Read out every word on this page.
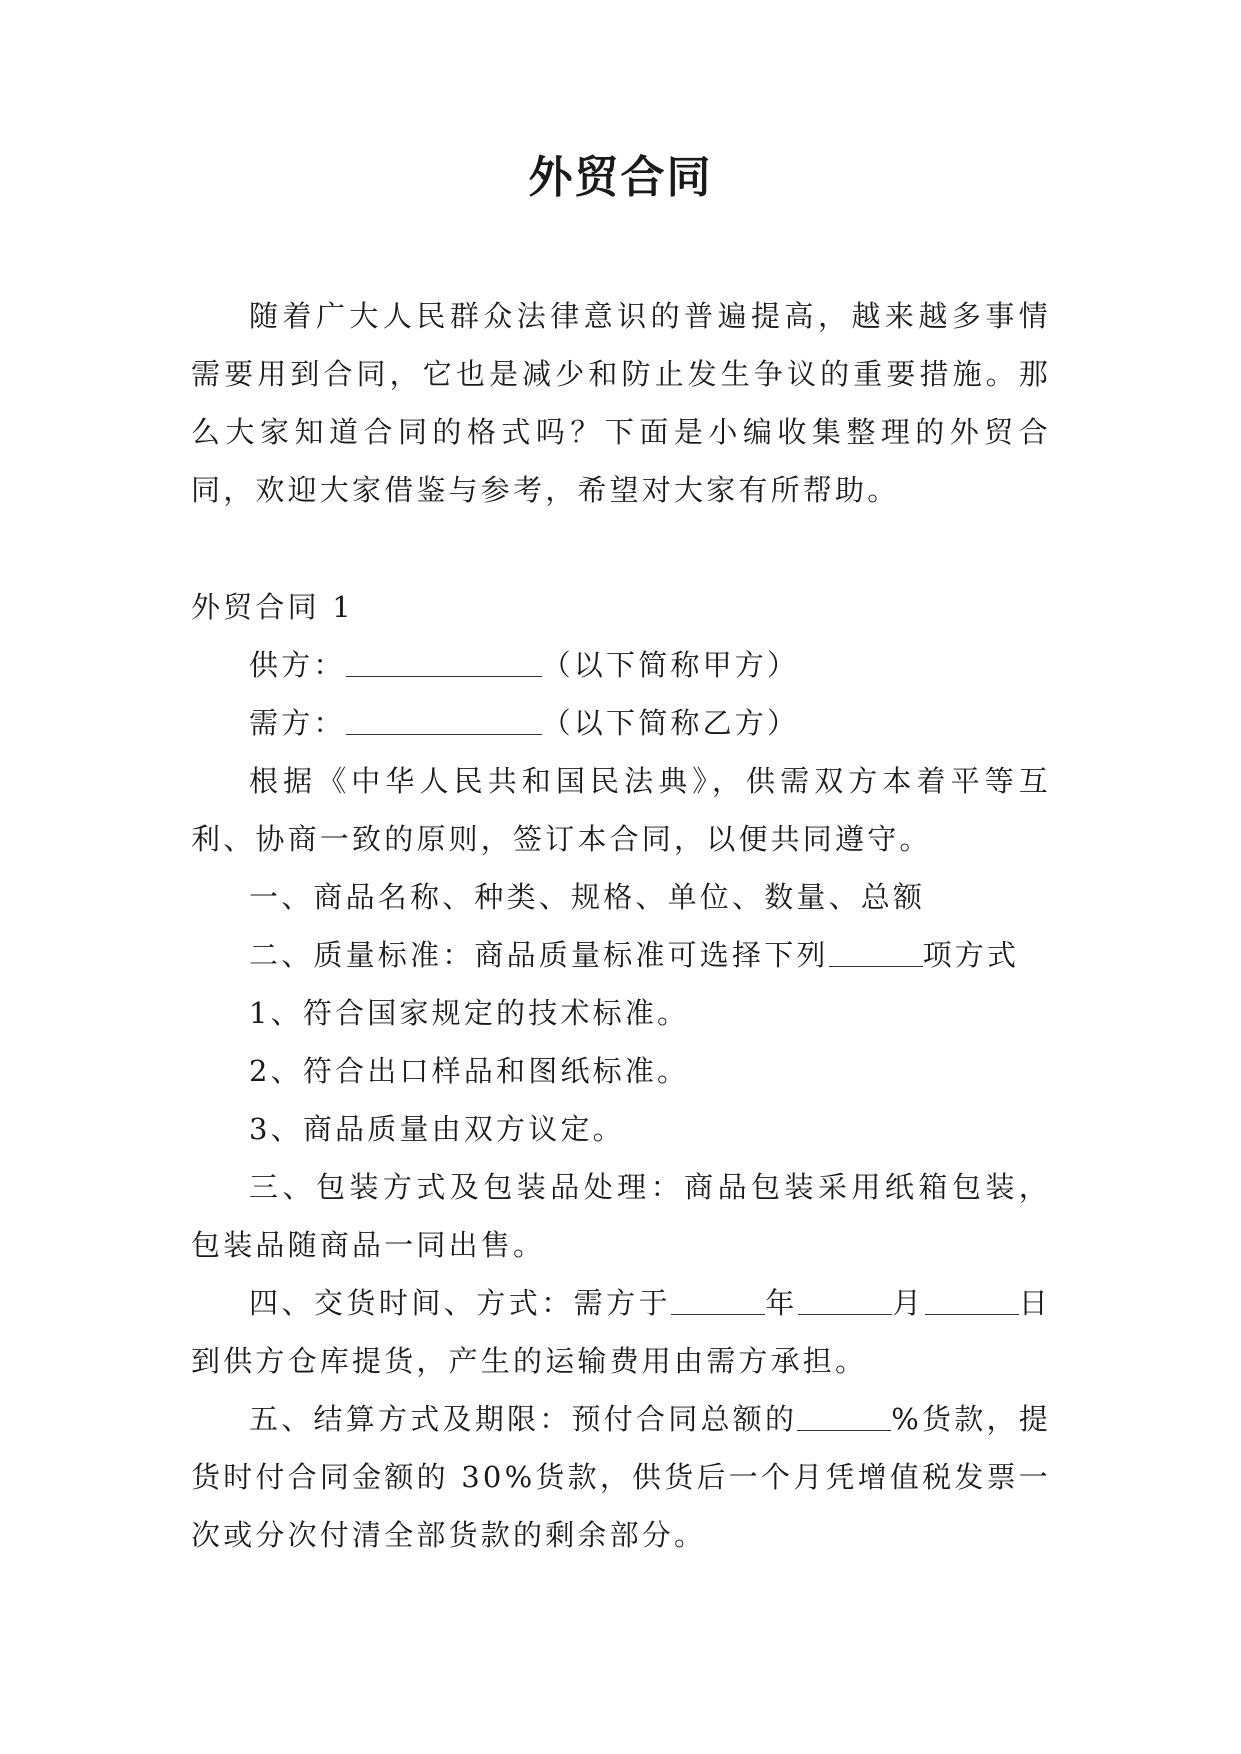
外贸合同

随着广大人民群众法律意识的普遍提高，越来越多事情需要用到合同，它也是减少和防止发生争议的重要措施。那么大家知道合同的格式吗？下面是小编收集整理的外贸合同，欢迎大家借鉴与参考，希望对大家有所帮助。

外贸合同 1

供方：	（以下简称甲方）

需方：	（以下简称乙方）

根据《中华人民共和国民法典》，供需双方本着平等互利、协商一致的原则，签订本合同，以便共同遵守。

一、商品名称、种类、规格、单位、数量、总额

二、质量标准：商品质量标准可选择下列	项方式

1、符合国家规定的技术标准。

2、符合出口样品和图纸标准。

3、商品质量由双方议定。

三、包装方式及包装品处理：商品包装采用纸箱包装，包装品随商品一同出售。

四、交货时间、方式：需方于	年	月	日到供方仓库提货，产生的运输费用由需方承担。

五、结算方式及期限：预付合同总额的	%货款，提货时付合同金额的 30%货款，供货后一个月凭增值税发票一次或分次付清全部货款的剩余部分。
